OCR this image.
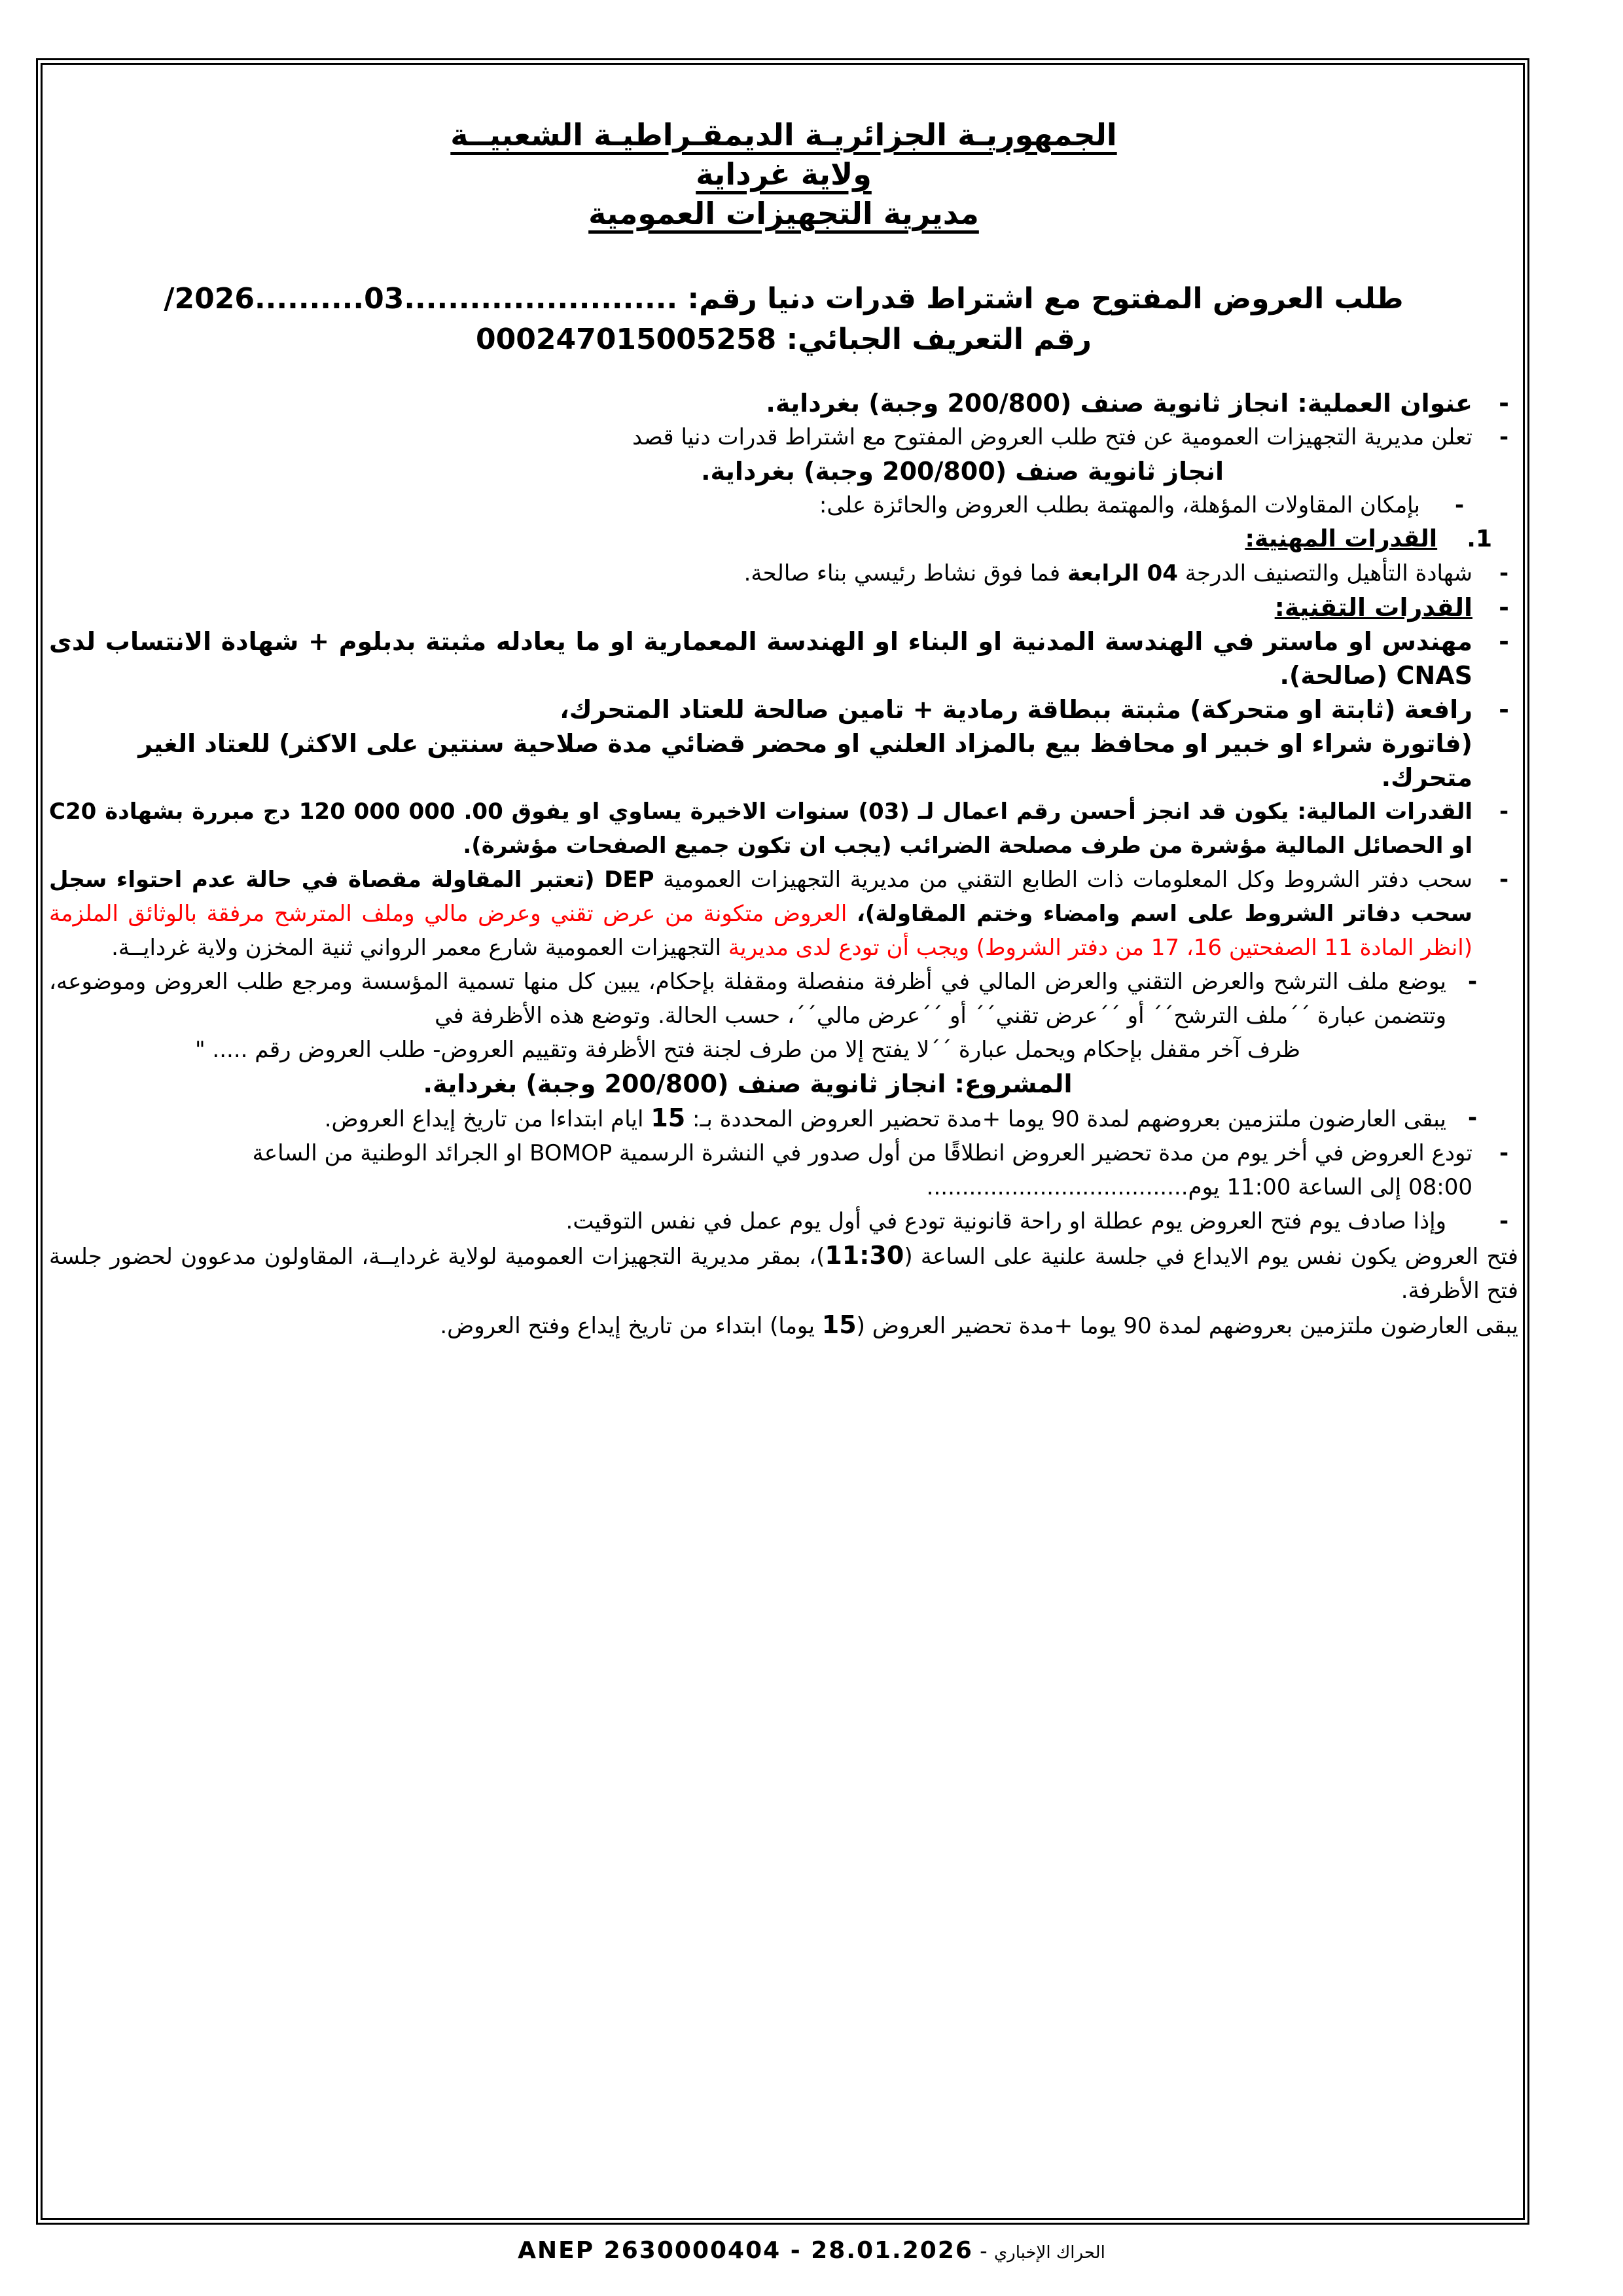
الجمهوريـة الجزائريـة الديمقـراطيـة الشعبيــة
ولاية غرداية
مديرية التجهيزات العمومية
طلب العروض المفتوح مع اشتراط قدرات دنيا رقم: /2026..........03.........................
رقم التعريف الجبائي: 000247015005258
-
عنوان العملية: انجاز ثانوية صنف (200/800 وجبة) بغرداية.
-
تعلن مديرية التجهيزات العمومية عن فتح طلب العروض المفتوح مع اشتراط قدرات دنيا قصد
انجاز ثانوية صنف (200/800 وجبة) بغرداية.
-
بإمكان المقاولات المؤهلة، والمهتمة بطلب العروض والحائزة على:
1.  القدرات المهنية:
-
شهادة التأهيل والتصنيف الدرجة 04 الرابعة فما فوق نشاط رئيسي بناء صالحة.
-
القدرات التقنية:
-
مهندس او ماستر في الهندسة المدنية او البناء او الهندسة المعمارية او ما يعادله مثبتة بدبلوم + شهادة الانتساب لدى CNAS (صالحة).
-
رافعة (ثابتة او متحركة) مثبتة ببطاقة رمادية + تامين صالحة للعتاد المتحرك،
(فاتورة شراء او خبير او محافظ بيع بالمزاد العلني او محضر قضائي مدة صلاحية سنتين على الاكثر) للعتاد الغير متحرك.
-
القدرات المالية: يكون قد انجز أحسن رقم اعمال لـ (03) سنوات الاخيرة يساوي او يفوق 00. 000 000 120 دج مبررة بشهادة C20 او الحصائل المالية مؤشرة من طرف مصلحة الضرائب (يجب ان تكون جميع الصفحات مؤشرة).
-
سحب دفتر الشروط وكل المعلومات ذات الطابع التقني من مديرية التجهيزات العمومية DEP (تعتبر المقاولة مقصاة في حالة عدم احتواء سجل سحب دفاتر الشروط على اسم وامضاء وختم المقاولة)، العروض متكونة من عرض تقني وعرض مالي وملف المترشح مرفقة بالوثائق الملزمة (انظر المادة 11 الصفحتين 16، 17 من دفتر الشروط) ويجب أن تودع لدى مديرية التجهيزات العمومية شارع معمر الرواني ثنية المخزن ولاية غردايــة.
-
يوضع ملف الترشح والعرض التقني والعرض المالي في أظرفة منفصلة ومقفلة بإحكام، يبين كل منها تسمية المؤسسة ومرجع طلب العروض وموضوعه، وتتضمن عبارة ´´ملف الترشح´´ أو ´´عرض تقني´´ أو ´´عرض مالي´´، حسب الحالة. وتوضع هذه الأظرفة في
ظرف آخر مقفل بإحكام ويحمل عبارة ´´لا يفتح إلا من طرف لجنة فتح الأظرفة وتقييم العروض- طلب العروض رقم ..... "
المشروع: انجاز ثانوية صنف (200/800 وجبة) بغرداية.
-
يبقى العارضون ملتزمين بعروضهم لمدة 90 يوما +مدة تحضير العروض المحددة بـ: 15 ايام ابتداءا من تاريخ إيداع العروض.
-
تودع العروض في أخر يوم من مدة تحضير العروض انطلاقًا من أول صدور في النشرة الرسمية BOMOP او الجرائد الوطنية من الساعة
08:00 إلى الساعة 11:00 يوم.....................................
-
وإذا صادف يوم فتح العروض يوم عطلة او راحة قانونية تودع في أول يوم عمل في نفس التوقيت.
فتح العروض يكون نفس يوم الايداع في جلسة علنية على الساعة (11:30)، بمقر مديرية التجهيزات العمومية لولاية غردايــة، المقاولون مدعوون لحضور جلسة فتح الأظرفة.
يبقى العارضون ملتزمين بعروضهم لمدة 90 يوما +مدة تحضير العروض (15 يوما) ابتداء من تاريخ إيداع وفتح العروض.
ANEP 2630000404 - 28.01.2026 - الحراك الإخباري
